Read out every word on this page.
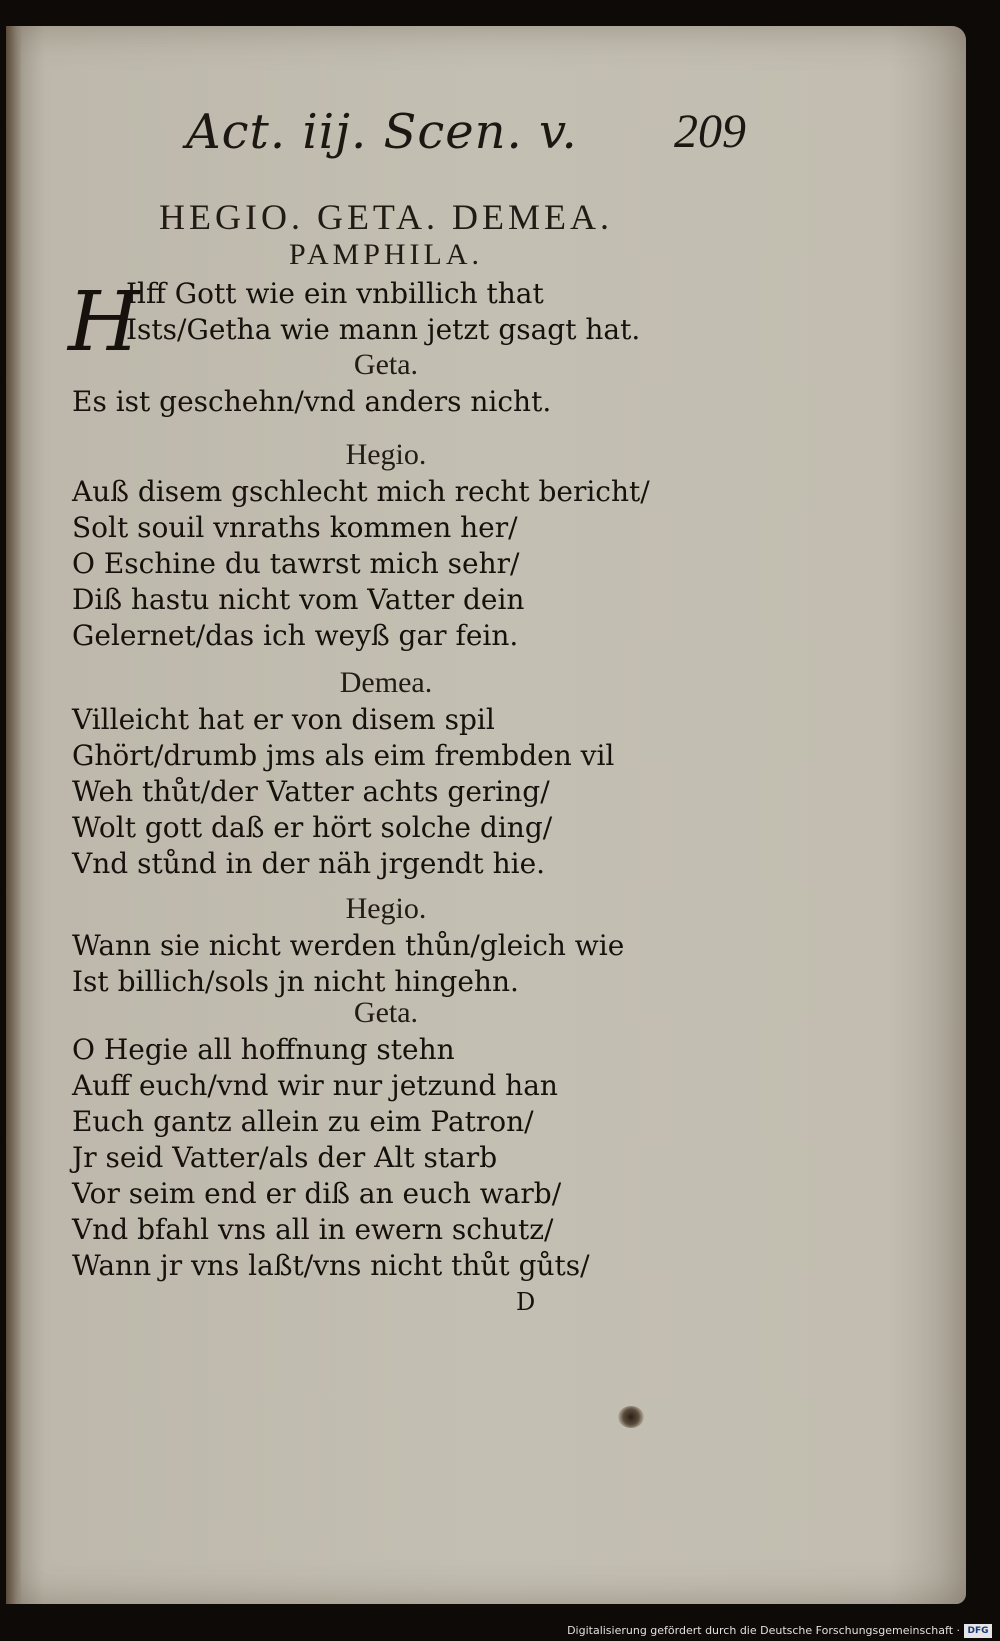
Act. iij. Scen. v. 209
HEGIO. GETA. DEMEA.
PAMPHILA.
H
Ilff Gott wie ein vnbillich that
Ists/Getha wie mann jetzt gsagt hat.
Geta.
Es ist geschehn/vnd anders nicht.
Hegio.
Auß disem gschlecht mich recht bericht/
Solt souil vnraths kommen her/
O Eschine du tawrst mich sehr/
Diß hastu nicht vom Vatter dein
Gelernet/das ich weyß gar fein.
Demea.
Villeicht hat er von disem spil
Ghört/drumb jms als eim frembden vil
Weh thůt/der Vatter achts gering/
Wolt gott daß er hört solche ding/
Vnd stůnd in der näh jrgendt hie.
Hegio.
Wann sie nicht werden thůn/gleich wie
Ist billich/sols jn nicht hingehn.
Geta.
O Hegie all hoffnung stehn
Auff euch/vnd wir nur jetzund han
Euch gantz allein zu eim Patron/
Jr seid Vatter/als der Alt starb
Vor seim end er diß an euch warb/
Vnd bfahl vns all in ewern schutz/
Wann jr vns laßt/vns nicht thůt gůts/
D
Digitalisierung gefördert durch die Deutsche Forschungsgemeinschaft · DFG
